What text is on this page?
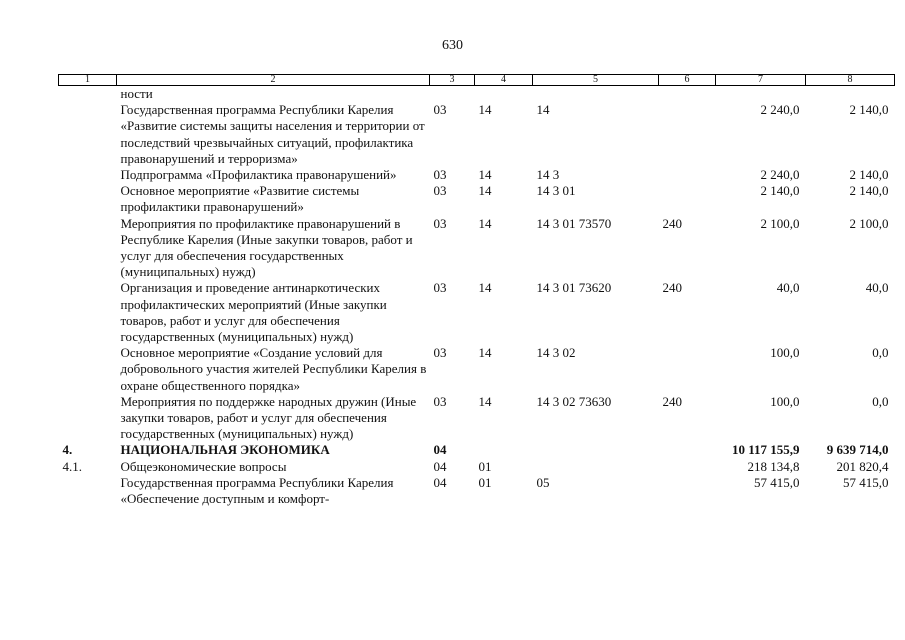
630
1	2	3	4	5	6	7	8
	ности						
	Государственная программа Республики Карелия «Развитие системы защиты населения и территории от последствий чрезвычайных ситуаций, профилактика правонарушений и терроризма»	03	14	14		2 240,0	2 140,0
	Подпрограмма «Профилактика правонарушений»	03	14	14 3		2 240,0	2 140,0
	Основное мероприятие «Развитие системы профилактики правонарушений»	03	14	14 3 01		2 140,0	2 140,0
	Мероприятия по профилактике правонарушений в Республике Карелия (Иные закупки товаров, работ и услуг для обеспечения государственных (муниципальных) нужд)	03	14	14 3 01 73570	240	2 100,0	2 100,0
	Организация и проведение антинаркотических профилактических мероприятий (Иные закупки товаров, работ и услуг для обеспечения государственных (муниципальных) нужд)	03	14	14 3 01 73620	240	40,0	40,0
	Основное мероприятие «Создание условий для добровольного участия жителей Республики Карелия в охране общественного порядка»	03	14	14 3 02		100,0	0,0
	Мероприятия по поддержке народных дружин (Иные закупки товаров, работ и услуг для обеспечения государственных (муниципальных) нужд)	03	14	14 3 02 73630	240	100,0	0,0
4.	НАЦИОНАЛЬНАЯ ЭКОНОМИКА	04				10 117 155,9	9 639 714,0
4.1.	Общеэкономические вопросы	04	01			218 134,8	201 820,4
	Государственная программа Республики Карелия «Обеспечение доступным и комфорт-	04	01	05		57 415,0	57 415,0
